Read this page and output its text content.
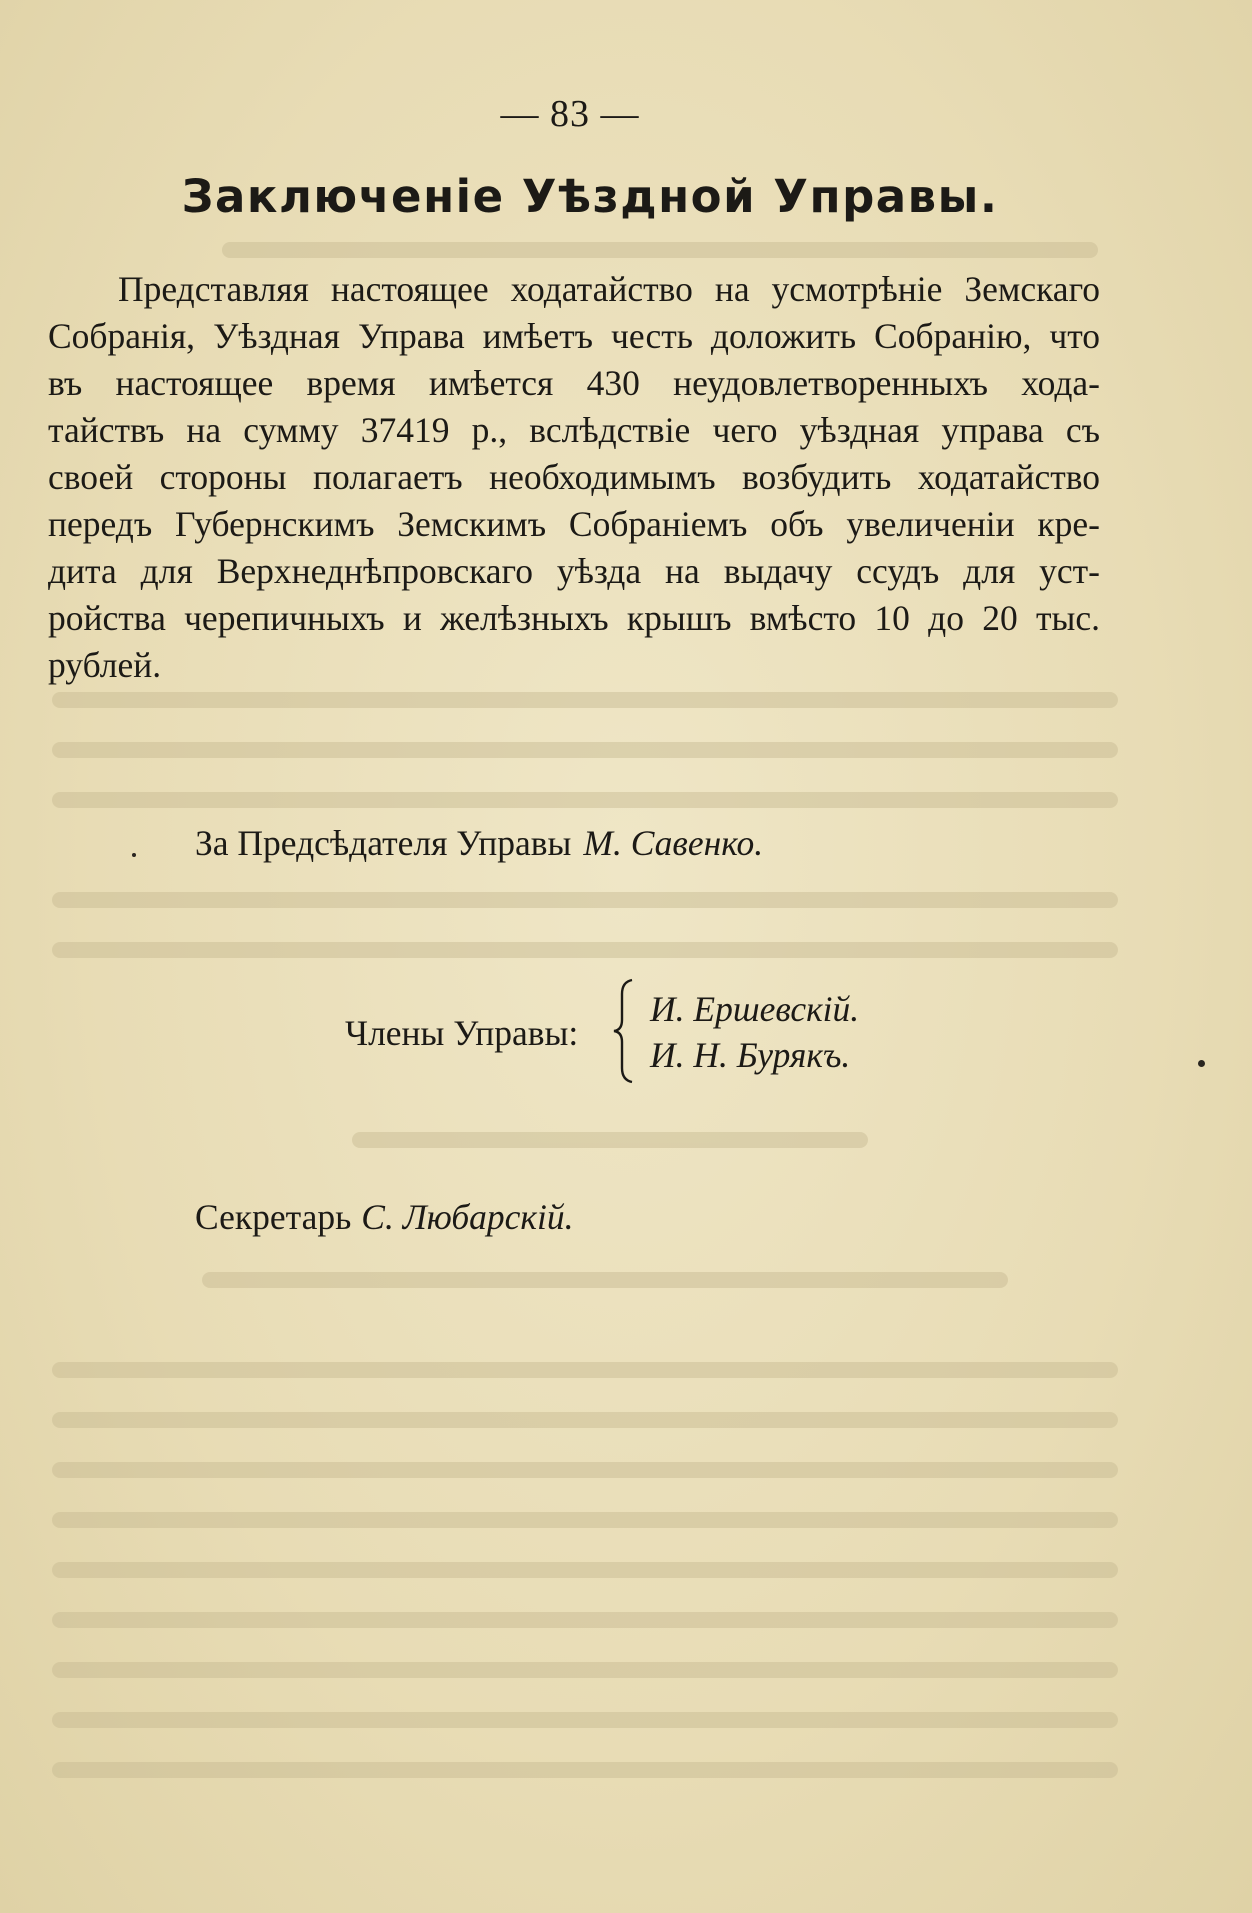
— 83 —
Заключенiе Уѣздной Управы.
Представляя настоящее ходатайство на усмотрѣнiе Земскаго
Собранiя, Уѣздная Управа имѣетъ честь доложить Собранiю, что
въ настоящее время имѣется 430 неудовлетворенныхъ хода-
тайствъ на сумму 37419 р., вслѣдствiе чего уѣздная управа съ
своей стороны полагаетъ необходимымъ возбудить ходатайство
передъ Губернскимъ Земскимъ Собранiемъ объ увеличенiи кре-
дита для Верхнеднѣпровскаго уѣзда на выдачу ссудъ для уст-
ройства черепичныхъ и желѣзныхъ крышъ вмѣсто 10 до 20 тыс.
рублей.
За Предсѣдателя Управы М. Савенко.
Члены Управы:
И. Ершевскiй.
И. Н. Бурякъ.
Секретарь С. Любарскiй.
